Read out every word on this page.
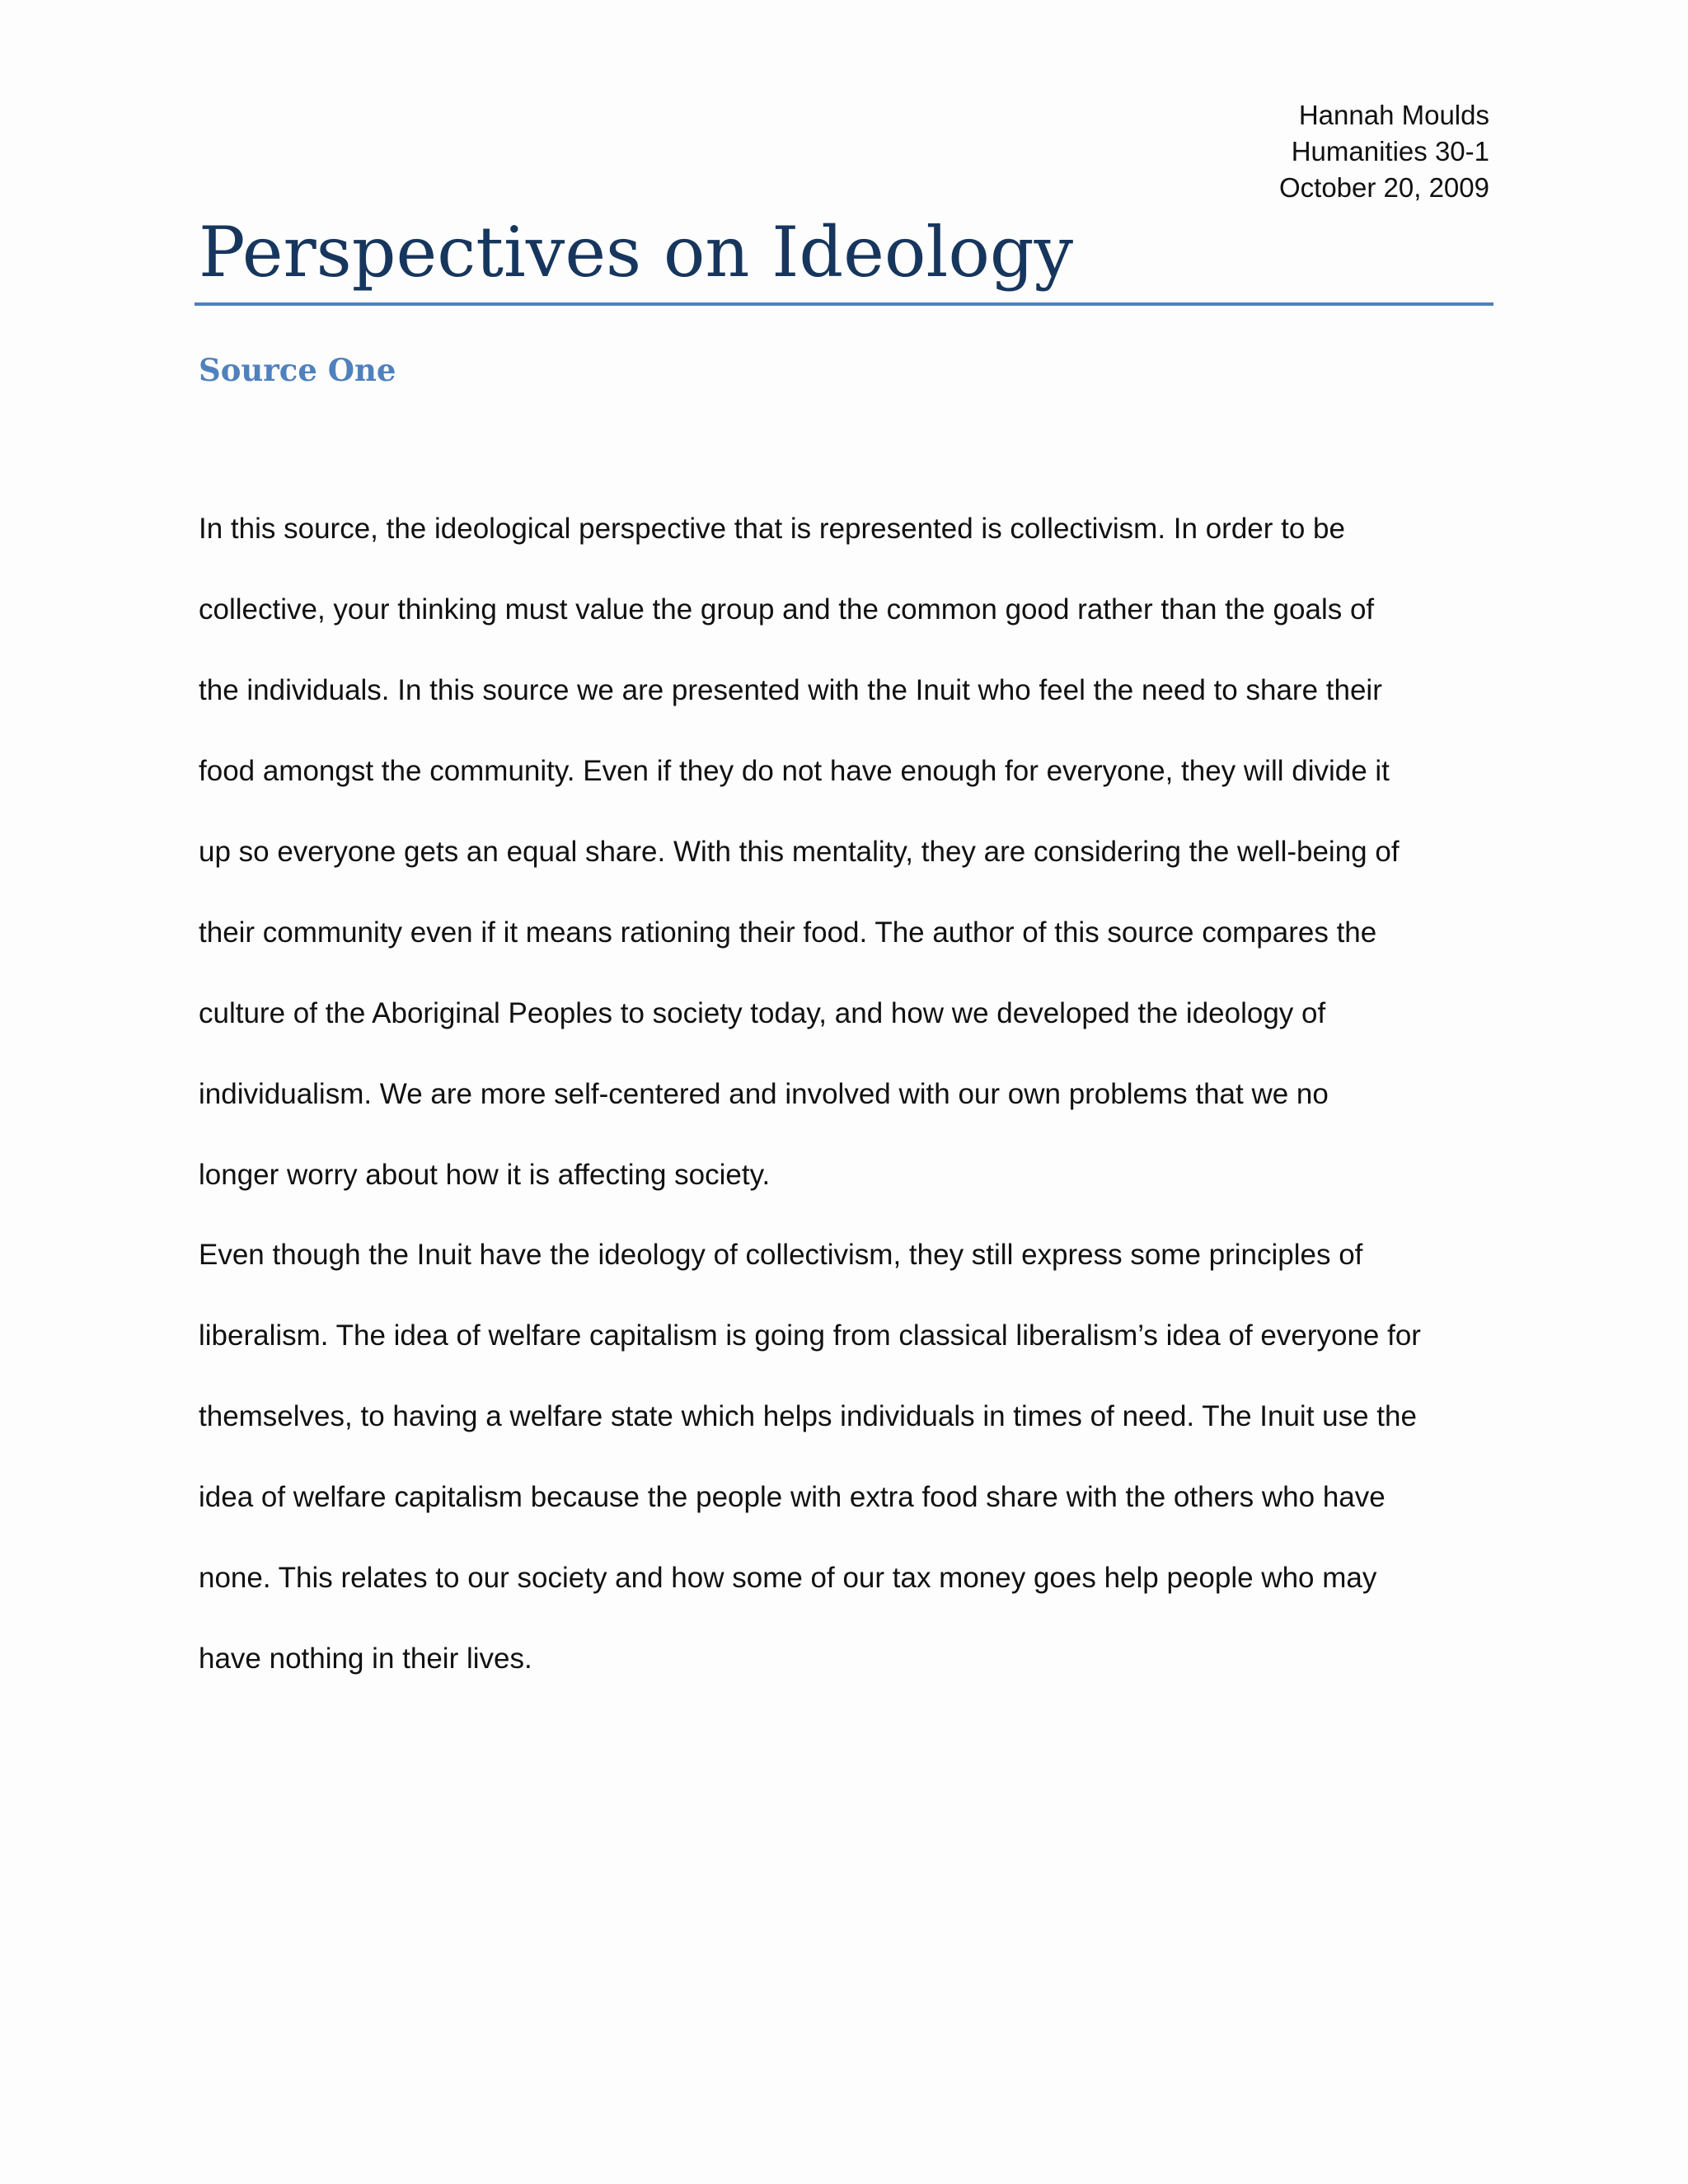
Hannah Moulds
Humanities 30-1
October 20, 2009
Perspectives on Ideology
Source One

In this source, the ideological perspective that is represented is collectivism. In order to be
collective, your thinking must value the group and the common good rather than the goals of
the individuals. In this source we are presented with the Inuit who feel the need to share their
food amongst the community. Even if they do not have enough for everyone, they will divide it
up so everyone gets an equal share. With this mentality, they are considering the well-being of
their community even if it means rationing their food. The author of this source compares the
culture of the Aboriginal Peoples to society today, and how we developed the ideology of
individualism. We are more self-centered and involved with our own problems that we no
longer worry about how it is affecting society.

Even though the Inuit have the ideology of collectivism, they still express some principles of
liberalism. The idea of welfare capitalism is going from classical liberalism’s idea of everyone for
themselves, to having a welfare state which helps individuals in times of need. The Inuit use the
idea of welfare capitalism because the people with extra food share with the others who have
none. This relates to our society and how some of our tax money goes help people who may
have nothing in their lives.
